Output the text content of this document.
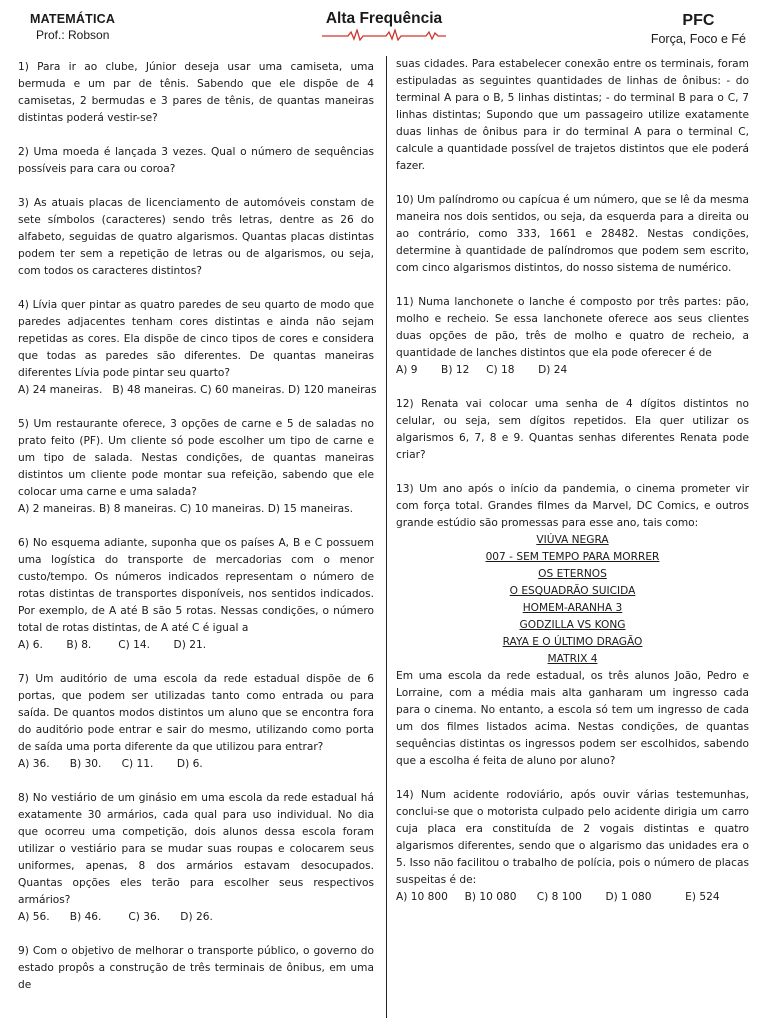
MATEMÁTICA
Prof.: Robson
Alta Frequência	PFC
Força, Foco e Fé

1) Para ir ao clube, Júnior deseja usar uma camiseta, uma bermuda e um par de tênis. Sabendo que ele dispõe de 4 camisetas, 2 bermudas e 3 pares de tênis, de quantas maneiras distintas poderá vestir-se?

2) Uma moeda é lançada 3 vezes. Qual o número de sequências possíveis para cara ou coroa?

3) As atuais placas de licenciamento de automóveis constam de sete símbolos (caracteres) sendo três letras, dentre as 26 do alfabeto, seguidas de quatro algarismos. Quantas placas distintas podem ter sem a repetição de letras ou de algarismos, ou seja, com todos os caracteres distintos?

4) Lívia quer pintar as quatro paredes de seu quarto de modo que paredes adjacentes tenham cores distintas e ainda não sejam repetidas as cores. Ela dispõe de cinco tipos de cores e considera que todas as paredes são diferentes. De quantas maneiras diferentes Lívia pode pintar seu quarto?

A) 24 maneiras.   B) 48 maneiras. C) 60 maneiras. D) 120 maneiras

5) Um restaurante oferece, 3 opções de carne e 5 de saladas no prato feito (PF). Um cliente só pode escolher um tipo de carne e um tipo de salada. Nestas condições, de quantas maneiras distintos um cliente pode montar sua refeição, sabendo que ele colocar uma carne e uma salada?

A) 2 maneiras. B) 8 maneiras. C) 10 maneiras. D) 15 maneiras.

6) No esquema adiante, suponha que os países A, B e C possuem uma logística do transporte de mercadorias com o menor custo/tempo. Os números indicados representam o número de rotas distintas de transportes disponíveis, nos sentidos indicados. Por exemplo, de A até B são 5 rotas. Nessas condições, o número total de rotas distintas, de A até C é igual a

A) 6.       B) 8.        C) 14.       D) 21.

7) Um auditório de uma escola da rede estadual dispõe de 6 portas, que podem ser utilizadas tanto como entrada ou para saída. De quantos modos distintos um aluno que se encontra fora do auditório pode entrar e sair do mesmo, utilizando como porta de saída uma porta diferente da que utilizou para entrar?

A) 36.      B) 30.      C) 11.       D) 6.

8) No vestiário de um ginásio em uma escola da rede estadual há exatamente 30 armários, cada qual para uso individual. No dia que ocorreu uma competição, dois alunos dessa escola foram utilizar o vestiário para se mudar suas roupas e colocarem seus uniformes, apenas, 8 dos armários estavam desocupados. Quantas opções eles terão para escolher seus respectivos armários?

A) 56.      B) 46.        C) 36.      D) 26.

9) Com o objetivo de melhorar o transporte público, o governo do estado propôs a construção de três terminais de ônibus, em uma de

suas cidades. Para estabelecer conexão entre os terminais, foram estipuladas as seguintes quantidades de linhas de ônibus: - do terminal A para o B, 5 linhas distintas; - do terminal B para o C, 7 linhas distintas; Supondo que um passageiro utilize exatamente duas linhas de ônibus para ir do terminal A para o terminal C, calcule a quantidade possível de trajetos distintos que ele poderá fazer.

10) Um palíndromo ou capícua é um número, que se lê da mesma maneira nos dois sentidos, ou seja, da esquerda para a direita ou ao contrário, como 333, 1661 e 28482. Nestas condições, determine à quantidade de palíndromos que podem sem escrito, com cinco algarismos distintos, do nosso sistema de numérico.

11) Numa lanchonete o lanche é composto por três partes: pão, molho e recheio. Se essa lanchonete oferece aos seus clientes duas opções de pão, três de molho e quatro de recheio, a quantidade de lanches distintos que ela pode oferecer é de

A) 9       B) 12     C) 18       D) 24

12) Renata vai colocar uma senha de 4 dígitos distintos no celular, ou seja, sem dígitos repetidos. Ela quer utilizar os algarismos 6, 7, 8 e 9. Quantas senhas diferentes Renata pode criar?

13) Um ano após o início da pandemia, o cinema prometer vir com força total. Grandes filmes da Marvel, DC Comics, e outros grande estúdio são promessas para esse ano, tais como:

VIÚVA NEGRA
007 - SEM TEMPO PARA MORRER
OS ETERNOS
O ESQUADRÃO SUICIDA
HOMEM-ARANHA 3
GODZILLA VS KONG
RAYA E O ÚLTIMO DRAGÃO
MATRIX 4

Em uma escola da rede estadual, os três alunos João, Pedro e Lorraine, com a média mais alta ganharam um ingresso cada para o cinema. No entanto, a escola só tem um ingresso de cada um dos filmes listados acima. Nestas condições, de quantas sequências distintas os ingressos podem ser escolhidos, sabendo que a escolha é feita de aluno por aluno?

14) Num acidente rodoviário, após ouvir várias testemunhas, conclui-se que o motorista culpado pelo acidente dirigia um carro cuja placa era constituída de 2 vogais distintas e quatro algarismos diferentes, sendo que o algarismo das unidades era o 5. Isso não facilitou o trabalho de polícia, pois o número de placas suspeitas é de:

A) 10 800     B) 10 080      C) 8 100       D) 1 080          E) 524
